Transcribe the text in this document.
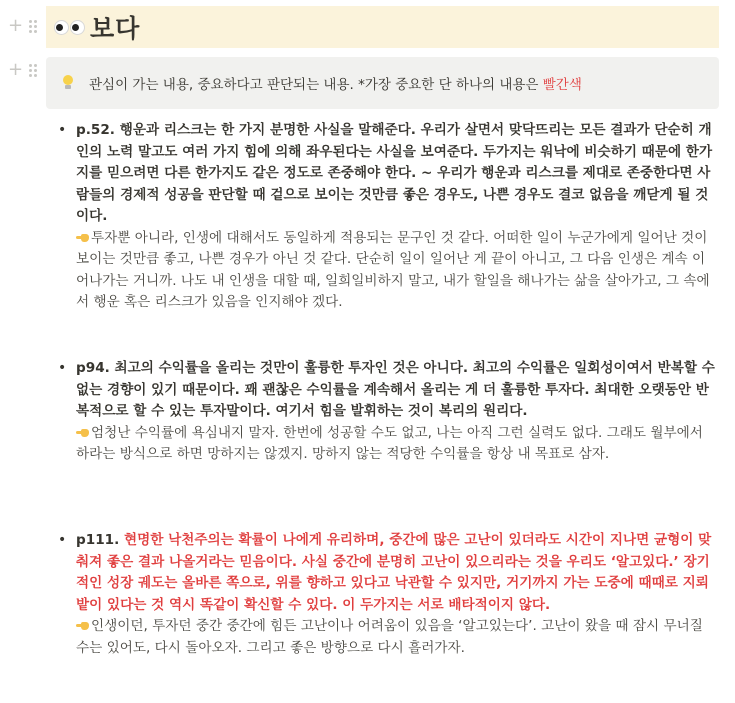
+
+
보다
관심이 가는 내용, 중요하다고 판단되는 내용. *가장 중요한 단 하나의 내용은 빨간색
• p.52. 행운과 리스크는 한 가지 분명한 사실을 말해준다. 우리가 살면서 맞닥뜨리는 모든 결과가 단순히 개인의 노력 말고도 여러 가지 힘에 의해 좌우된다는 사실을 보여준다. 두가지는 워낙에 비슷하기 때문에 한가지를 믿으려면 다른 한가지도 같은 정도로 존중해야 한다. ~ 우리가 행운과 리스크를 제대로 존중한다면 사람들의 경제적 성공을 판단할 때 겉으로 보이는 것만큼 좋은 경우도, 나쁜 경우도 결코 없음을 깨닫게 될 것이다.
투자뿐 아니라, 인생에 대해서도 동일하게 적용되는 문구인 것 같다. 어떠한 일이 누군가에게 일어난 것이 보이는 것만큼 좋고, 나쁜 경우가 아닌 것 같다. 단순히 일이 일어난 게 끝이 아니고, 그 다음 인생은 계속 이어나가는 거니까. 나도 내 인생을 대할 때, 일희일비하지 말고, 내가 할일을 해나가는 삶을 살아가고, 그 속에서 행운 혹은 리스크가 있음을 인지해야 겠다.
• p94. 최고의 수익률을 올리는 것만이 훌륭한 투자인 것은 아니다. 최고의 수익률은 일회성이여서 반복할 수 없는 경향이 있기 때문이다. 꽤 괜찮은 수익률을 계속해서 올리는 게 더 훌륭한 투자다. 최대한 오랫동안 반복적으로 할 수 있는 투자말이다. 여기서 힘을 발휘하는 것이 복리의 원리다.
엄청난 수익률에 욕심내지 말자. 한번에 성공할 수도 없고, 나는 아직 그런 실력도 없다. 그래도 월부에서 하라는 방식으로 하면 망하지는 않겠지. 망하지 않는 적당한 수익률을 항상 내 목표로 삼자.
• p111. 현명한 낙천주의는 확률이 나에게 유리하며, 중간에 많은 고난이 있더라도 시간이 지나면 균형이 맞춰져 좋은 결과 나올거라는 믿음이다. 사실 중간에 분명히 고난이 있으리라는 것을 우리도 ‘알고있다.’ 장기적인 성장 궤도는 올바른 쪽으로, 위를 향하고 있다고 낙관할 수 있지만, 거기까지 가는 도중에 때때로 지뢰밭이 있다는 것 역시 똑같이 확신할 수 있다. 이 두가지는 서로 배타적이지 않다.
인생이던, 투자던 중간 중간에 힘든 고난이나 어려움이 있음을 ‘알고있는다’. 고난이 왔을 때 잠시 무너질 수는 있어도, 다시 돌아오자. 그리고 좋은 방향으로 다시 흘러가자.
